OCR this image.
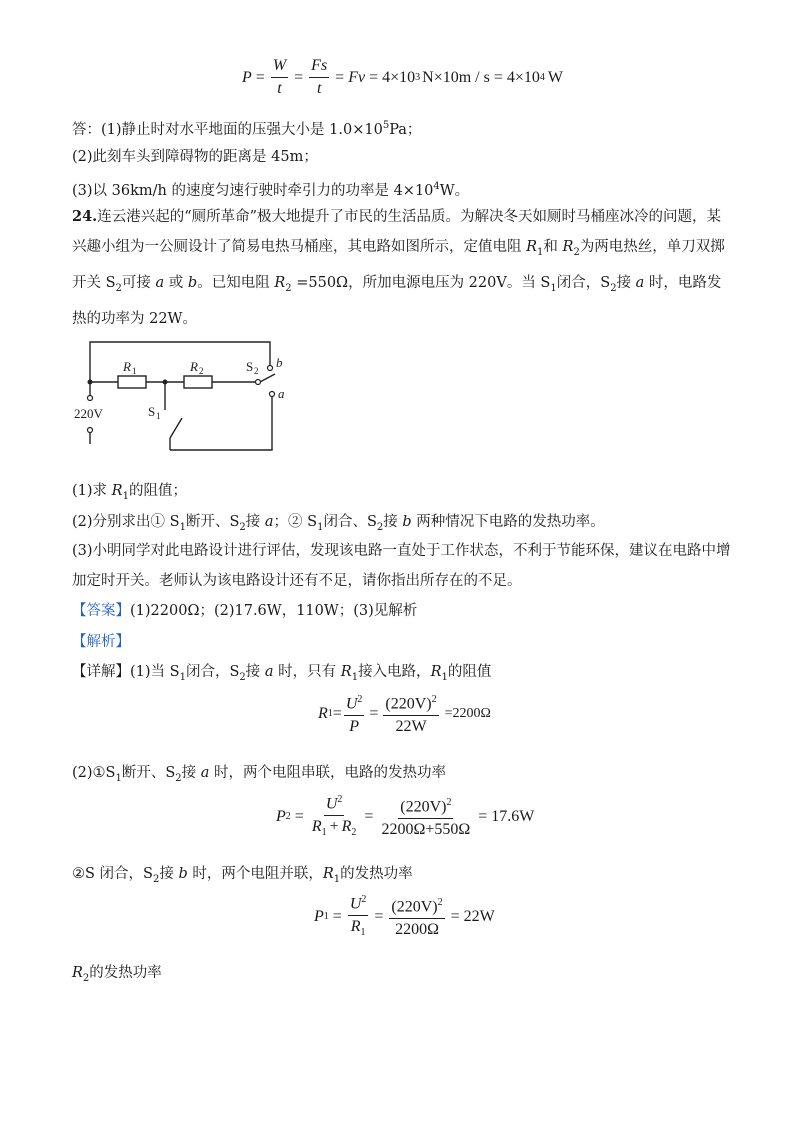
$P = \frac{W}{t} = \frac{Fs}{t} = Fv = 4\times 10$ 3 N×10m / s = 4×10 4 W
答：(1)静止时对水平地面的压强大小是 $1.0\times 10^5Pa$；
(2)此刻车头到障碍物的距离是 45m；
(3)以 36km/h 的速度匀速行驶时牵引力的功率是 $4\times 10^4W$。
24.连云港兴起的“厕所革命”极大地提升了市民的生活品质。为解决冬天如厕时马桶座冰冷的问题，某兴趣小组为一公厕设计了简易电热马桶座，其电路如图所示，定值电阻 $R_1$和 $R_2$为两电热丝，单刀双掷开关 $S_2$可接 a 或 b。已知电阻 $R_2 =550\Omega$，所加电源电压为 220V。当 $S_1$闭合，$S_2$接 a 时，电路发热的功率为 22W。
R 1	R 2	S 2
b
a
S 1
220V
(1)求 $R_1$的阻值；
(2)分别求出① $S_1$断开、$S_2$接 a；② $S_1$闭合、$S_2$接 b 两种情况下电路的发热功率。
(3)小明同学对此电路设计进行评估，发现该电路一直处于工作状态，不利于节能环保，建议在电路中增加定时开关。老师认为该电路设计还有不足，请你指出所存在的不足。
【答案】(1)2200Ω；(2)17.6W，110W；(3)见解析
【解析】
【详解】(1)当 $S_1$闭合，$S_2$接 a 时，只有 $R_1$接入电路，$R_1$的阻值
R $1 = \frac{U^2}{P} = \frac{(220V)^2}{22W} =2200\Omega$
$(2)①S_1$断开、$S_2$接 a 时，两个电阻串联，电路的发热功率
P $2 = \frac{U^2}{R_1 + R_2} = \frac{(220V)^2}{2200\Omega+550\Omega} = 17.6W$
②S 闭合，$S_2$接 b 时，两个电阻并联，$R_1$的发热功率
P $1 = \frac{U^2}{R_1} = \frac{(220V)^2}{2200\Omega} = 22W$
$R_2$的发热功率
